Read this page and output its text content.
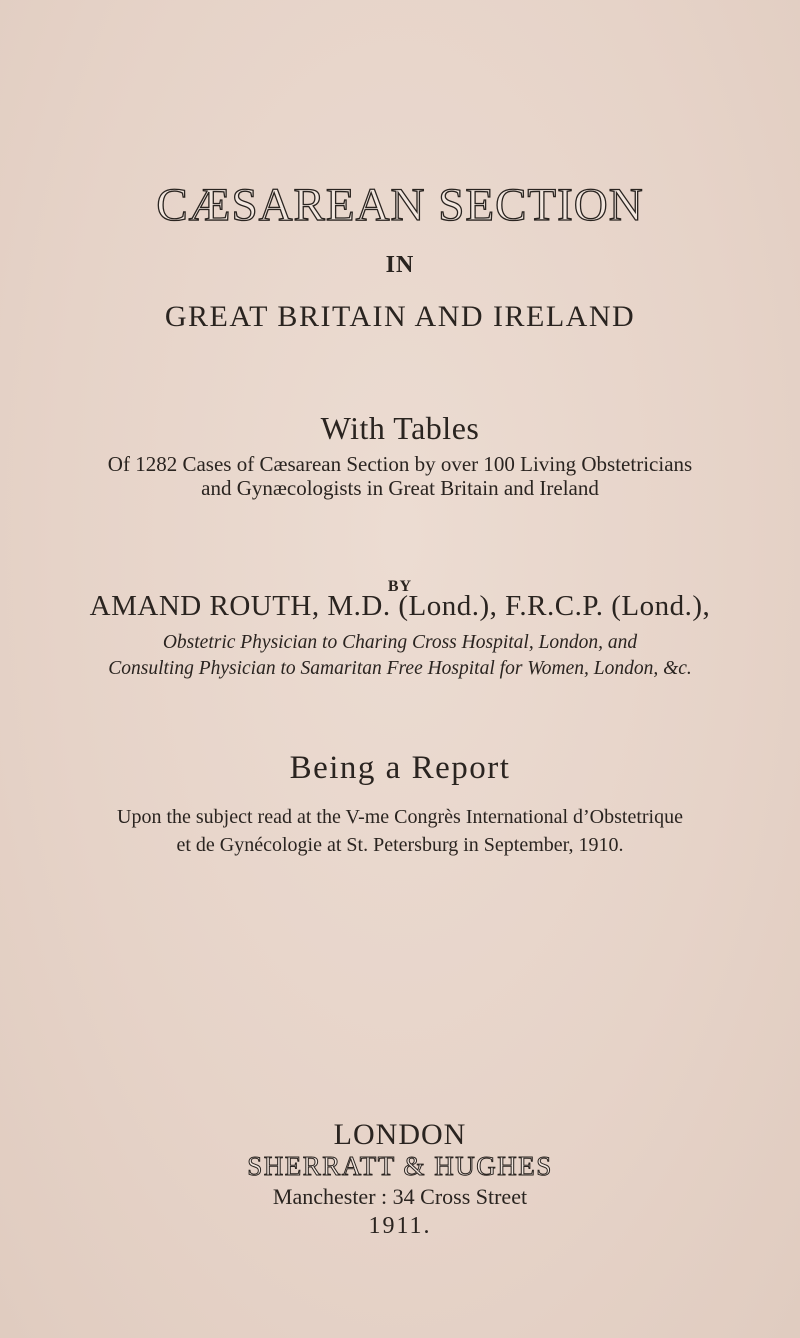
CÆSAREAN SECTION
IN
GREAT BRITAIN AND IRELAND
With Tables
Of 1282 Cases of Cæsarean Section by over 100 Living Obstetricians
and Gynæcologists in Great Britain and Ireland
BY
AMAND ROUTH, M.D. (Lond.), F.R.C.P. (Lond.),
Obstetric Physician to Charing Cross Hospital, London, and
Consulting Physician to Samaritan Free Hospital for Women, London, &c.
Being a Report
Upon the subject read at the V-me Congrès International d’Obstetrique
et de Gynécologie at St. Petersburg in September, 1910.
LONDON
SHERRATT & HUGHES
Manchester : 34 Cross Street
1911.
